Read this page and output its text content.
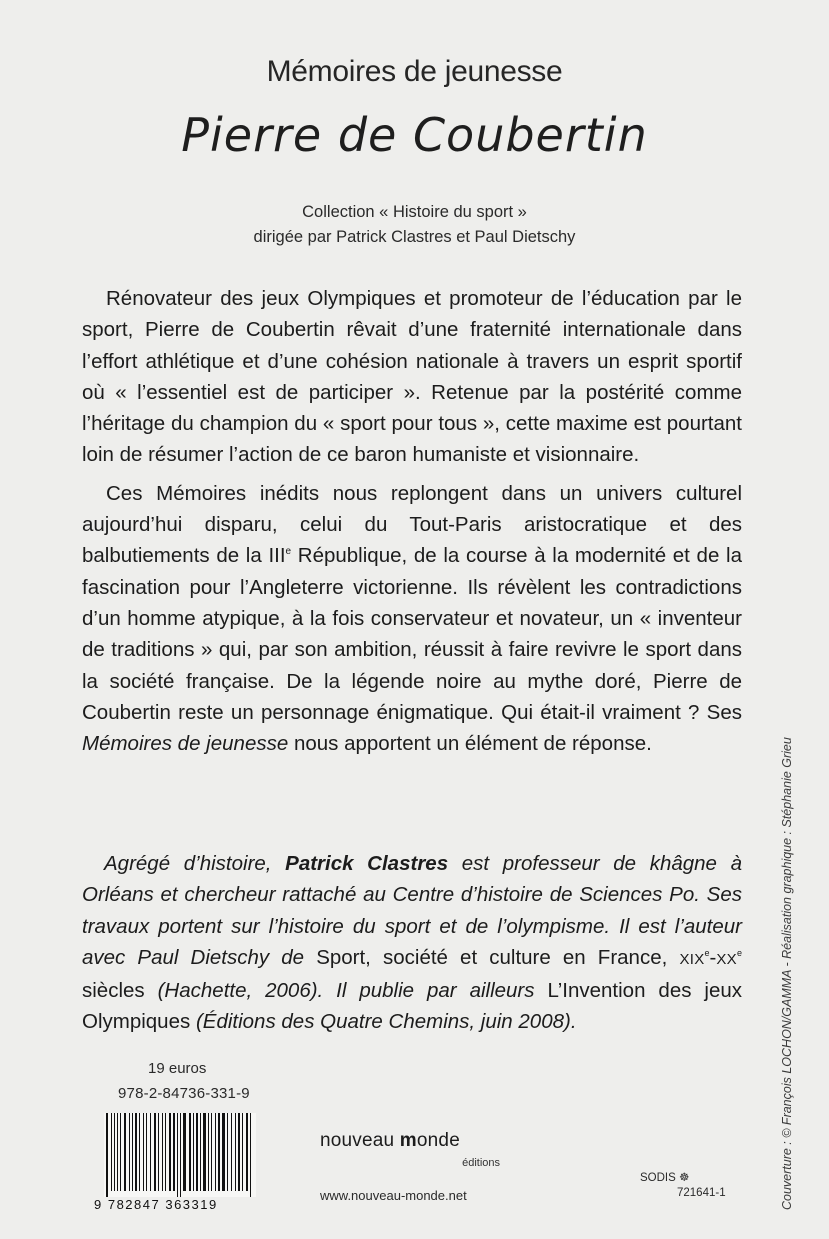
Mémoires de jeunesse
Pierre de Coubertin
Collection « Histoire du sport »
dirigée par Patrick Clastres et Paul Dietschy

Rénovateur des jeux Olympiques et promoteur de l’éducation par le sport, Pierre de Coubertin rêvait d’une fraternité internationale dans l’effort athlétique et d’une cohésion nationale à travers un esprit sportif où « l’essentiel est de participer ». Retenue par la postérité comme l’héritage du champion du « sport pour tous », cette maxime est pourtant loin de résumer l’action de ce baron humaniste et visionnaire.

Ces Mémoires inédits nous replongent dans un univers culturel aujourd’hui disparu, celui du Tout-Paris aristocratique et des balbutiements de la IIIe République, de la course à la modernité et de la fascination pour l’Angleterre victorienne. Ils révèlent les contradictions d’un homme atypique, à la fois conservateur et novateur, un « inventeur de traditions » qui, par son ambition, réussit à faire revivre le sport dans la société française. De la légende noire au mythe doré, Pierre de Coubertin reste un personnage énigmatique. Qui était-il vraiment ? Ses Mémoires de jeunesse nous apportent un élément de réponse.

Agrégé d’histoire, Patrick Clastres est professeur de khâgne à Orléans et chercheur rattaché au Centre d’histoire de Sciences Po. Ses travaux portent sur l’histoire du sport et de l’olympisme. Il est l’auteur avec Paul Dietschy de Sport, société et culture en France, XIXe-XXe siècles (Hachette, 2006). Il publie par ailleurs L’Invention des jeux Olympiques (Éditions des Quatre Chemins, juin 2008).
19 euros
978-2-84736-331-9
9 782847 363319
nouveau monde
éditions
www.nouveau-monde.net
SODIS ☸
721641-1	Couverture : © François LOCHON/GAMMA - Réalisation graphique : Stéphanie Grieu
